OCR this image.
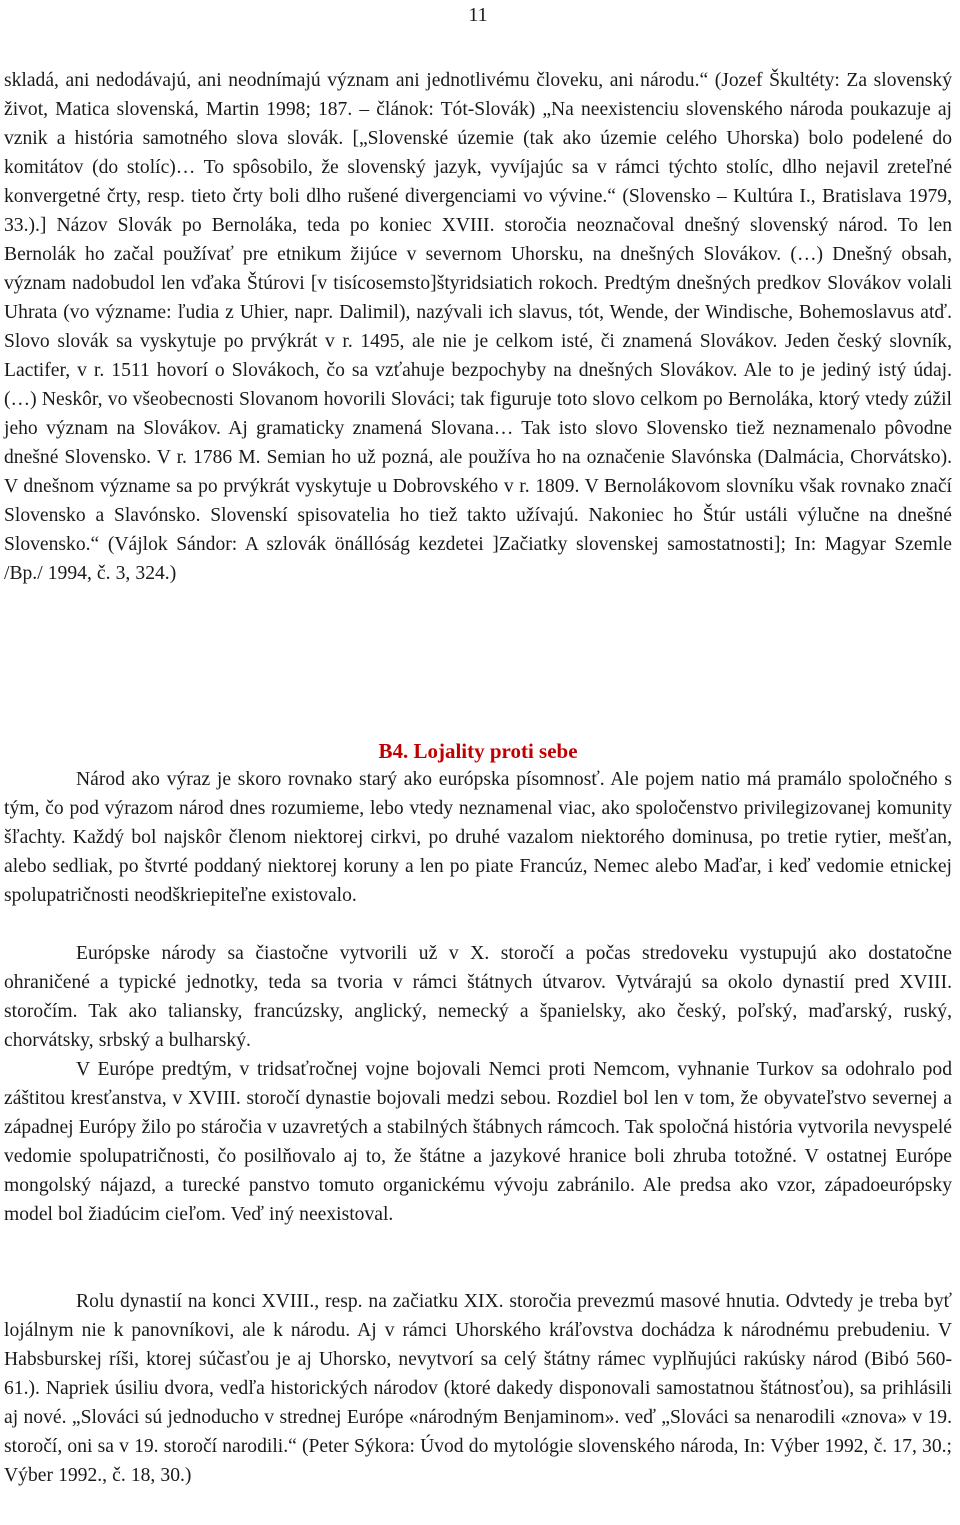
11

skladá, ani nedodávajú, ani neodnímajú význam ani jednotlivému človeku, ani národu.“ (Jozef Škultéty: Za slovenský život, Matica slovenská, Martin 1998; 187. – článok: Tót-Slovák) „Na neexistenciu slovenského národa poukazuje aj vznik a história samotného slova slovák. [„Slovenské územie (tak ako územie celého Uhorska) bolo podelené do komitátov (do stolíc)… To spôsobilo, že slovenský jazyk, vyvíjajúc sa v rámci týchto stolíc, dlho nejavil zreteľné konvergetné črty, resp. tieto črty boli dlho rušené divergenciami vo vývine.“ (Slovensko – Kultúra I., Bratislava 1979, 33.).] Názov Slovák po Bernoláka, teda po koniec XVIII. storočia neoznačoval dnešný slovenský národ. To len Bernolák ho začal používať pre etnikum žijúce v severnom Uhorsku, na dnešných Slovákov. (…) Dnešný obsah, význam nadobudol len vďaka Štúrovi [v tisícosemsto]štyridsiatich rokoch. Predtým dnešných predkov Slovákov volali Uhrata (vo význame: ľudia z Uhier, napr. Dalimil), nazývali ich slavus, tót, Wende, der Windische, Bohemoslavus atď. Slovo slovák sa vyskytuje po prvýkrát v r. 1495, ale nie je celkom isté, či znamená Slovákov. Jeden český slovník, Lactifer, v r. 1511 hovorí o Slovákoch, čo sa vzťahuje bezpochyby na dnešných Slovákov. Ale to je jediný istý údaj. (…) Neskôr, vo všeobecnosti Slovanom hovorili Slováci; tak figuruje toto slovo celkom po Bernoláka, ktorý vtedy zúžil jeho význam na Slovákov. Aj gramaticky znamená Slovana… Tak isto slovo Slovensko tiež neznamenalo pôvodne dnešné Slovensko. V r. 1786 M. Semian ho už pozná, ale používa ho na označenie Slavónska (Dalmácia, Chorvátsko). V dnešnom význame sa po prvýkrát vyskytuje u Dobrovského v r. 1809. V Bernolákovom slovníku však rovnako značí Slovensko a Slavónsko. Slovenskí spisovatelia ho tiež takto užívajú. Nakoniec ho Štúr ustáli výlučne na dnešné Slovensko.“ (Vájlok Sándor: A szlovák önállóság kezdetei ]Začiatky slovenskej samostatnosti]; In: Magyar Szemle /Bp./ 1994, č. 3, 324.)

B4. Lojality proti sebe

Národ ako výraz je skoro rovnako starý ako európska písomnosť. Ale pojem natio má pramálo spoločného s tým, čo pod výrazom národ dnes rozumieme, lebo vtedy neznamenal viac, ako spoločenstvo privilegizovanej komunity šľachty. Každý bol najskôr členom niektorej cirkvi, po druhé vazalom niektorého dominusa, po tretie rytier, mešťan, alebo sedliak, po štvrté poddaný niektorej koruny a len po piate Francúz, Nemec alebo Maďar, i keď vedomie etnickej spolupatričnosti neodškriepiteľne existovalo.

Európske národy sa čiastočne vytvorili už v X. storočí a počas stredoveku vystupujú ako dostatočne ohraničené a typické jednotky, teda sa tvoria v rámci štátnych útvarov. Vytvárajú sa okolo dynastií pred XVIII. storočím. Tak ako taliansky, francúzsky, anglický, nemecký a španielsky, ako český, poľský, maďarský, ruský, chorvátsky, srbský a bulharský.

V Európe predtým, v tridsaťročnej vojne bojovali Nemci proti Nemcom, vyhnanie Turkov sa odohralo pod záštitou kresťanstva, v XVIII. storočí dynastie bojovali medzi sebou. Rozdiel bol len v tom, že obyvateľstvo severnej a západnej Európy žilo po stáročia v uzavretých a stabilných štábnych rámcoch. Tak spoločná história vytvorila nevyspelé vedomie spolupatričnosti, čo posilňovalo aj to, že štátne a jazykové hranice boli zhruba totožné. V ostatnej Európe mongolský nájazd, a turecké panstvo tomuto organickému vývoju zabránilo. Ale predsa ako vzor, západoeurópsky model bol žiadúcim cieľom. Veď iný neexistoval.

Rolu dynastií na konci XVIII., resp. na začiatku XIX. storočia prevezmú masové hnutia. Odvtedy je treba byť lojálnym nie k panovníkovi, ale k národu. Aj v rámci Uhorského kráľovstva dochádza k národnému prebudeniu. V Habsburskej ríši, ktorej súčasťou je aj Uhorsko, nevytvorí sa celý štátny rámec vyplňujúci rakúsky národ (Bibó 560-61.). Napriek úsiliu dvora, vedľa historických národov (ktoré dakedy disponovali samostatnou štátnosťou), sa prihlásili aj nové. „Slováci sú jednoducho v strednej Európe «národným Benjaminom». veď „Slováci sa nenarodili «znova» v 19. storočí, oni sa v 19. storočí narodili.“ (Peter Sýkora: Úvod do mytológie slovenského národa, In: Výber 1992, č. 17, 30.; Výber 1992., č. 18, 30.)
